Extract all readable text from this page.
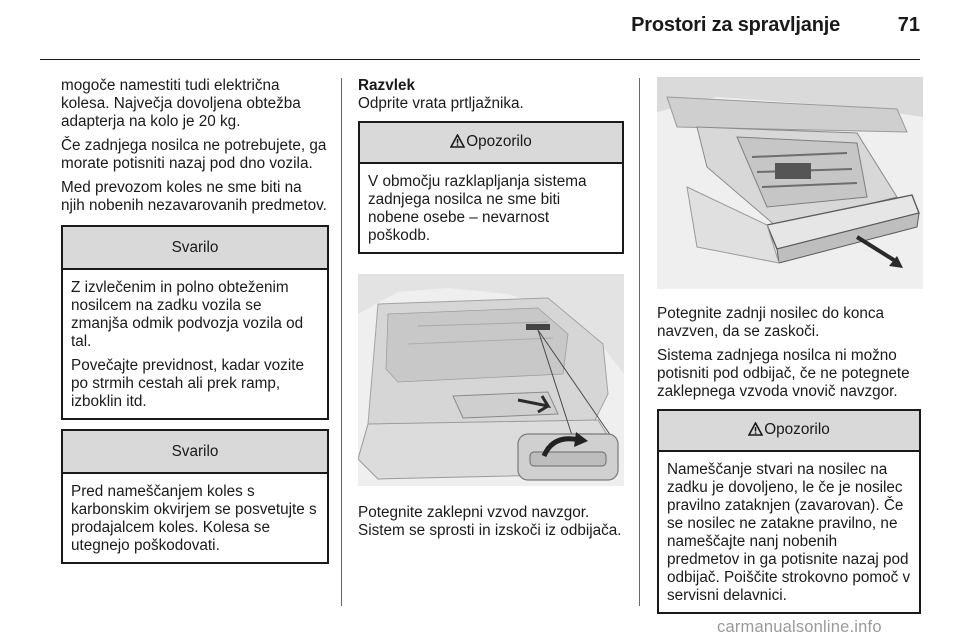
Prostori za spravljanje	71

mogoče namestiti tudi električna kolesa. Največja dovoljena obtežba adapterja na kolo je 20 kg.

Če zadnjega nosilca ne potrebujete, ga morate potisniti nazaj pod dno vozila.

Med prevozom koles ne sme biti na njih nobenih nezavarovanih predmetov.

Svarilo

Z izvlečenim in polno obteženim nosilcem na zadku vozila se zmanjša odmik podvozja vozila od tal.

Povečajte previdnost, kadar vozite po strmih cestah ali prek ramp, izboklin itd.

Svarilo

Pred nameščanjem koles s karbonskim okvirjem se posvetujte s prodajalcem koles. Kolesa se utegnejo poškodovati.

Razvlek

Odprite vrata prtljažnika.

Opozorilo

V območju razklapljanja sistema zadnjega nosilca ne sme biti nobene osebe – nevarnost poškodb.

Potegnite zaklepni vzvod navzgor. Sistem se sprosti in izskoči iz odbijača.

Potegnite zadnji nosilec do konca navzven, da se zaskoči.

Sistema zadnjega nosilca ni možno potisniti pod odbijač, če ne potegnete zaklepnega vzvoda vnovič navzgor.

Opozorilo

Nameščanje stvari na nosilec na zadku je dovoljeno, le če je nosilec pravilno zataknjen (zavarovan). Če se nosilec ne zatakne pravilno, ne nameščajte nanj nobenih predmetov in ga potisnite nazaj pod odbijač. Poiščite strokovno pomoč v servisni delavnici.

carmanualsonline.info
